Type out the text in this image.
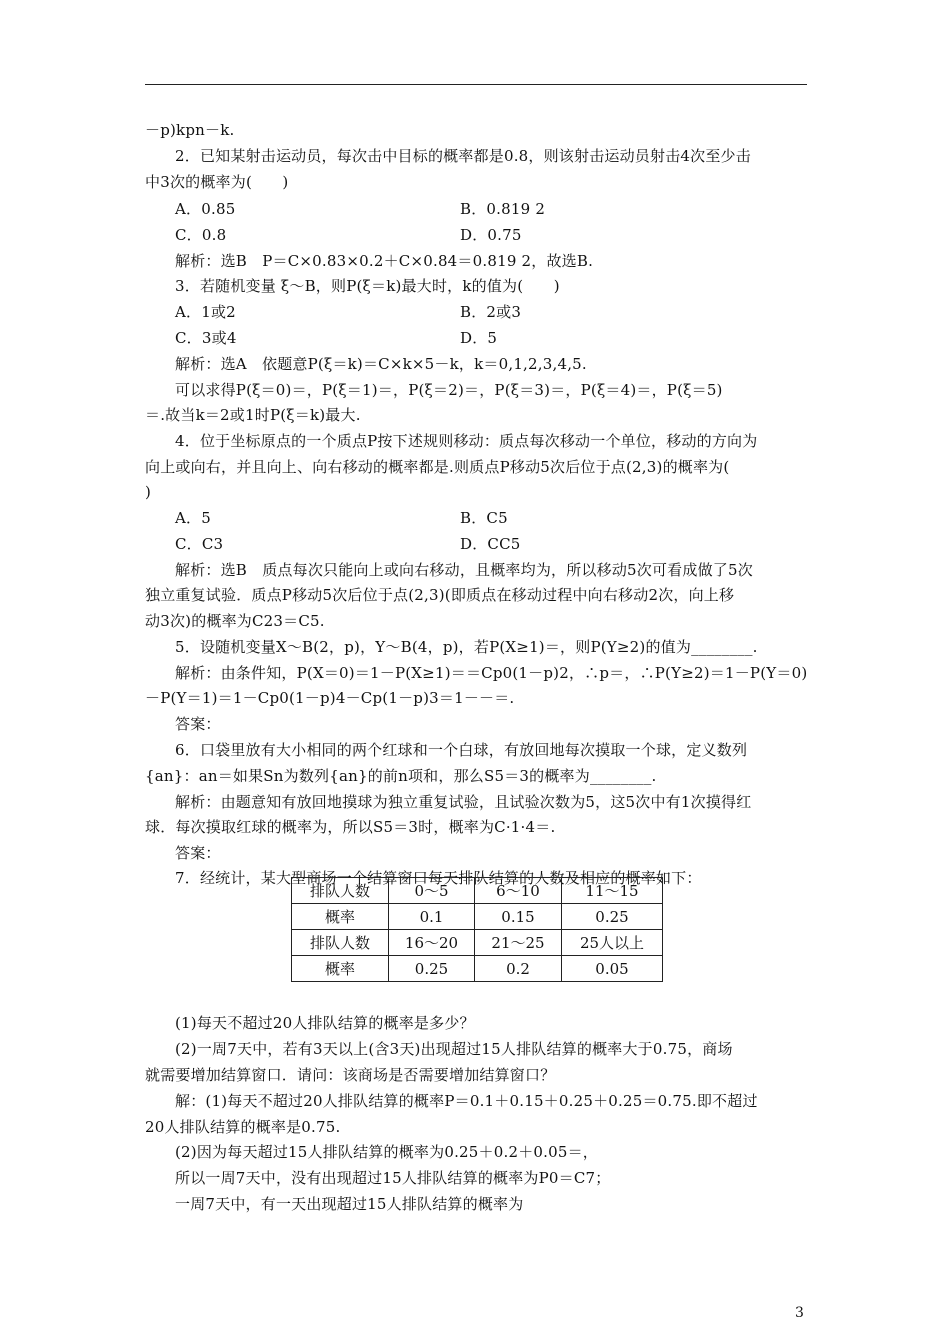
－p)kpn－k.
2．已知某射击运动员，每次击中目标的概率都是0.8，则该射击运动员射击4次至少击
中3次的概率为(　　)
A．0.85	B．0.819 2
C．0.8	D．0.75
解析：选B　P＝C×0.83×0.2＋C×0.84＝0.819 2，故选B.
3．若随机变量 ξ～B，则P(ξ＝k)最大时，k的值为(　　)
A．1或2	B．2或3
C．3或4	D．5
解析：选A　依题意P(ξ＝k)＝C×k×5－k，k＝0,1,2,3,4,5.
可以求得P(ξ＝0)＝，P(ξ＝1)＝，P(ξ＝2)＝，P(ξ＝3)＝，P(ξ＝4)＝，P(ξ＝5)
＝.故当k＝2或1时P(ξ＝k)最大.
4．位于坐标原点的一个质点P按下述规则移动：质点每次移动一个单位，移动的方向为
向上或向右，并且向上、向右移动的概率都是.则质点P移动5次后位于点(2,3)的概率为(
)
A．5	B．C5
C．C3	D．CC5
解析：选B　质点每次只能向上或向右移动，且概率均为，所以移动5次可看成做了5次
独立重复试验．质点P移动5次后位于点(2,3)(即质点在移动过程中向右移动2次，向上移
动3次)的概率为C23＝C5.
5．设随机变量X～B(2，p)，Y～B(4，p)，若P(X≥1)＝，则P(Y≥2)的值为________.
解析：由条件知，P(X＝0)＝1－P(X≥1)＝＝Cp0(1－p)2，∴p＝，∴P(Y≥2)＝1－P(Y＝0)
－P(Y＝1)＝1－Cp0(1－p)4－Cp(1－p)3＝1－－＝.
答案：
6．口袋里放有大小相同的两个红球和一个白球，有放回地每次摸取一个球，定义数列
{an}：an＝如果Sn为数列{an}的前n项和，那么S5＝3的概率为________.
解析：由题意知有放回地摸球为独立重复试验，且试验次数为5，这5次中有1次摸得红
球．每次摸取红球的概率为，所以S5＝3时，概率为C·1·4＝.
答案：
7．经统计，某大型商场一个结算窗口每天排队结算的人数及相应的概率如下：
排队人数	0～5	6～10	11～15
概率	0.1	0.15	0.25
排队人数	16～20	21～25	25人以上
概率	0.25	0.2	0.05
(1)每天不超过20人排队结算的概率是多少？
(2)一周7天中，若有3天以上(含3天)出现超过15人排队结算的概率大于0.75，商场
就需要增加结算窗口．请问：该商场是否需要增加结算窗口？
解：(1)每天不超过20人排队结算的概率P＝0.1＋0.15＋0.25＋0.25＝0.75.即不超过
20人排队结算的概率是0.75.
(2)因为每天超过15人排队结算的概率为0.25＋0.2＋0.05＝，
所以一周7天中，没有出现超过15人排队结算的概率为P0＝C7；
一周7天中，有一天出现超过15人排队结算的概率为
3
